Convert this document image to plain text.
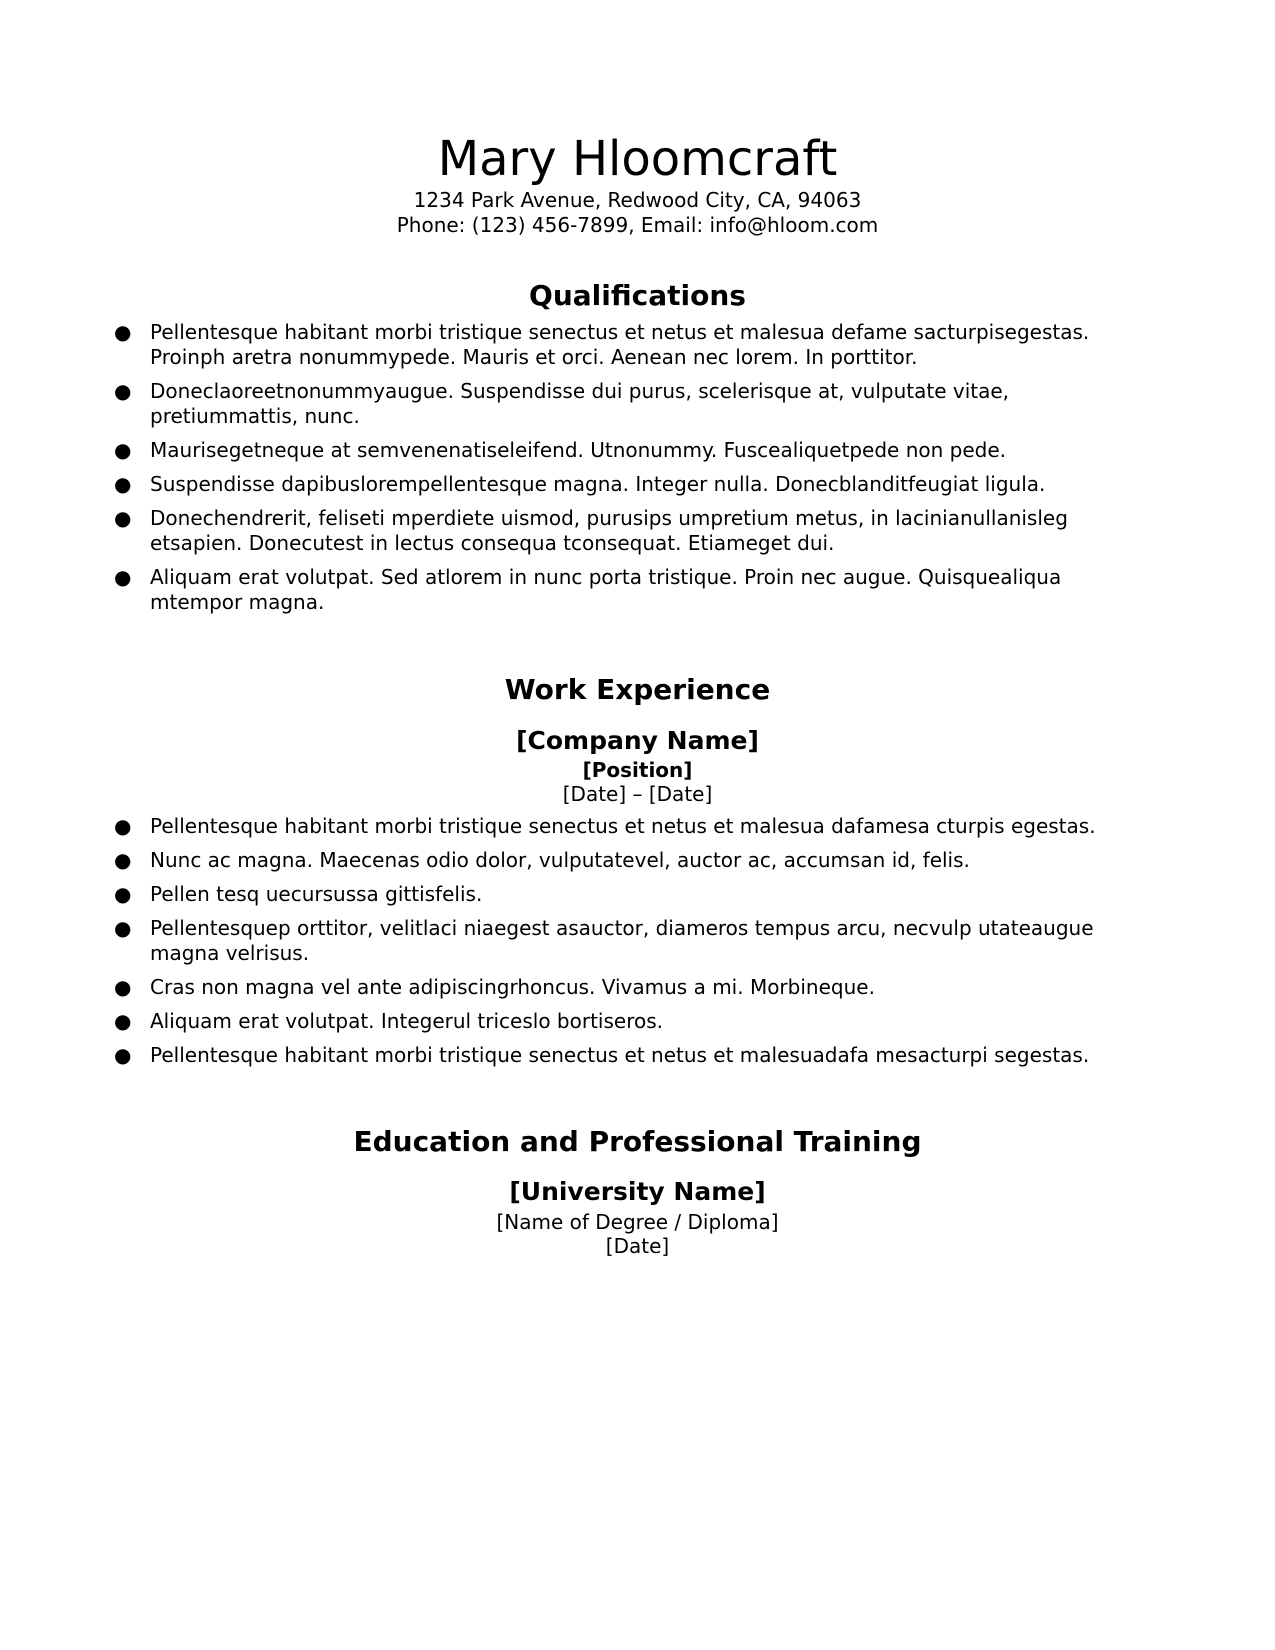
Mary Hloomcraft

1234 Park Avenue, Redwood City, CA, 94063

Phone: (123) 456-7899, Email: info@hloom.com

Qualifications
● Pellentesque habitant morbi tristique senectus et netus et malesua defame sacturpisegestas. Proinph aretra nonummypede. Mauris et orci. Aenean nec lorem. In porttitor.
● Doneclaoreetnonummyaugue. Suspendisse dui purus, scelerisque at, vulputate vitae, pretiummattis, nunc.
● Maurisegetneque at semvenenatiseleifend. Utnonummy. Fuscealiquetpede non pede.
● Suspendisse dapibuslorempellentesque magna. Integer nulla. Donecblanditfeugiat ligula.
● Donechendrerit, feliseti mperdiete uismod, purusips umpretium metus, in lacinianullanisleg etsapien. Donecutest in lectus consequa tconsequat. Etiameget dui.
● Aliquam erat volutpat. Sed atlorem in nunc porta tristique. Proin nec augue. Quisquealiqua mtempor magna.
Work Experience

[Company Name]

[Position]

[Date] – [Date]

● Pellentesque habitant morbi tristique senectus et netus et malesua dafamesa cturpis egestas.
● Nunc ac magna. Maecenas odio dolor, vulputatevel, auctor ac, accumsan id, felis.
● Pellen tesq uecursussa gittisfelis.
● Pellentesquep orttitor, velitlaci niaegest asauctor, diameros tempus arcu, necvulp utateaugue magna velrisus.
● Cras non magna vel ante adipiscingrhoncus. Vivamus a mi. Morbineque.
● Aliquam erat volutpat. Integerul triceslo bortiseros.
● Pellentesque habitant morbi tristique senectus et netus et malesuadafa mesacturpi segestas.
Education and Professional Training

[University Name]

[Name of Degree / Diploma]

[Date]
